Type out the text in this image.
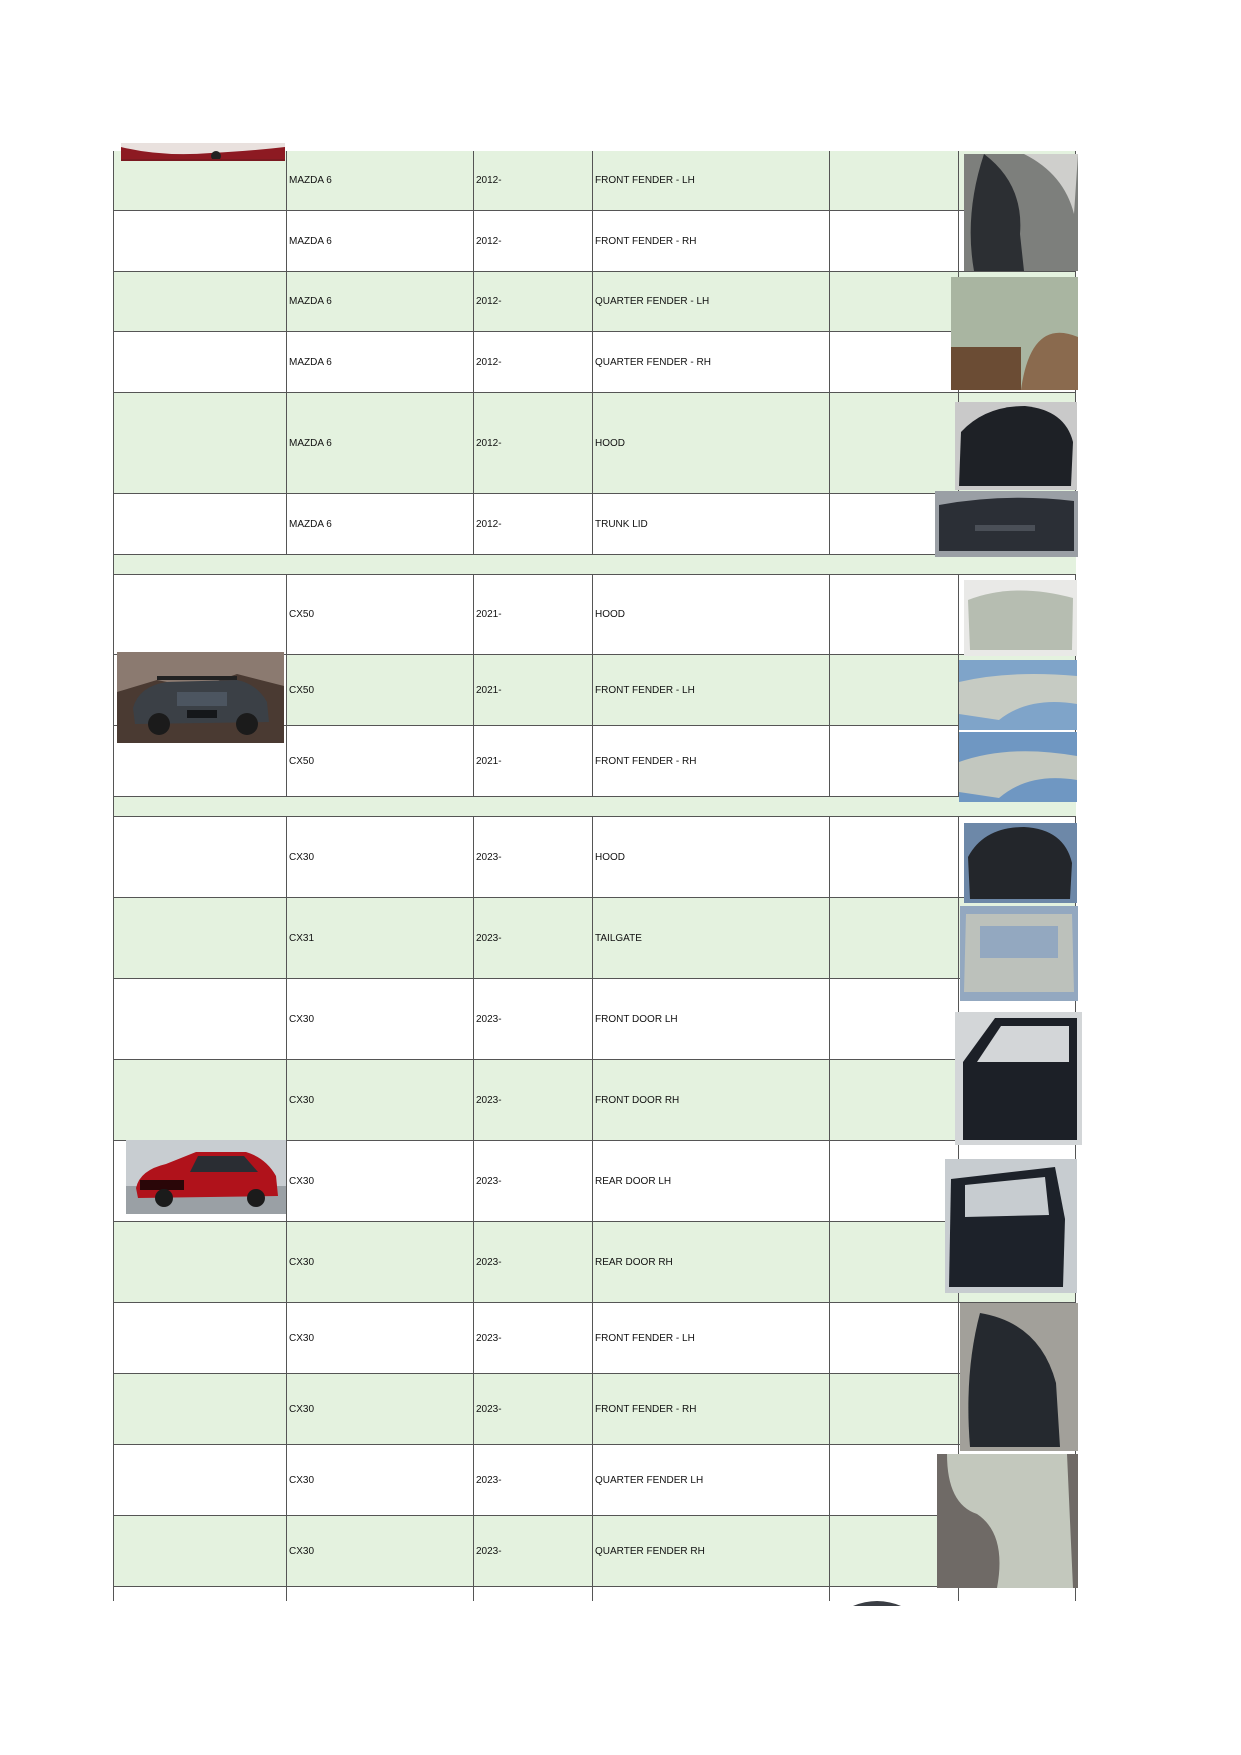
MAZDA 6	2012-	FRONT FENDER - LH
MAZDA 6	2012-	FRONT FENDER - RH
MAZDA 6	2012-	QUARTER FENDER - LH
MAZDA 6	2012-	QUARTER FENDER - RH
MAZDA 6	2012-	HOOD
MAZDA 6	2012-	TRUNK LID
CX50	2021-	HOOD
CX50	2021-	FRONT FENDER - LH
CX50	2021-	FRONT FENDER - RH
CX30	2023-	HOOD
CX31	2023-	TAILGATE
CX30	2023-	FRONT DOOR LH
CX30	2023-	FRONT DOOR RH
CX30	2023-	REAR DOOR LH
CX30	2023-	REAR DOOR RH
CX30	2023-	FRONT FENDER - LH
CX30	2023-	FRONT FENDER - RH
CX30	2023-	QUARTER FENDER LH
CX30	2023-	QUARTER FENDER RH
